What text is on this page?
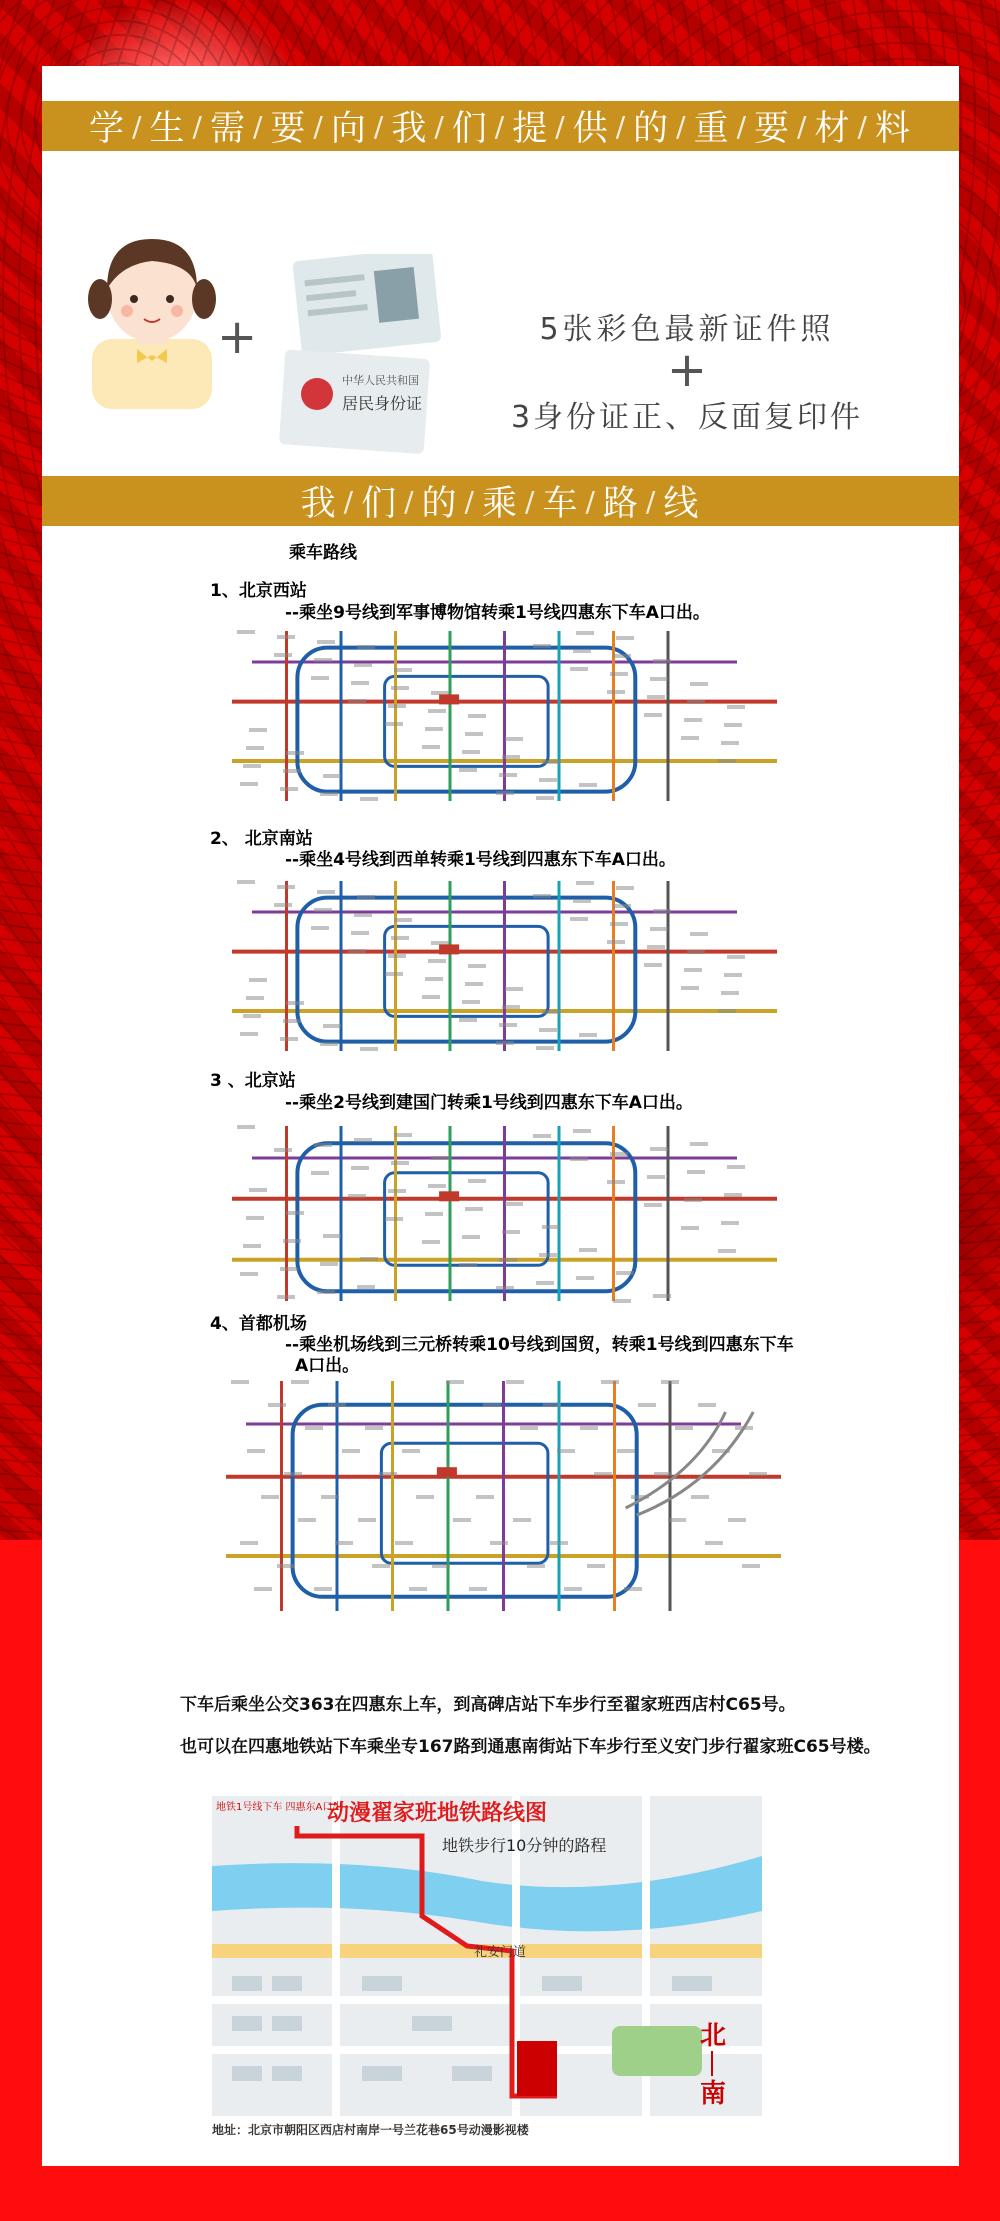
学 / 生 / 需 / 要 / 向 / 我 / 们 / 提 / 供 / 的 / 重 / 要 / 材 / 料
+
中华人民共和国
居民身份证
5张彩色最新证件照
+
3身份证正、反面复印件
我 / 们 / 的 / 乘 / 车 / 路 / 线
乘车路线
1、北京西站
--乘坐9号线到军事博物馆转乘1号线四惠东下车A口出。
2、 北京南站
--乘坐4号线到西单转乘1号线到四惠东下车A口出。
3 、北京站
--乘坐2号线到建国门转乘1号线到四惠东下车A口出。
4、首都机场
--乘坐机场线到三元桥转乘10号线到国贸，转乘1号线到四惠东下车
A口出。
下车后乘坐公交363在四惠东上车，到高碑店站下车步行至翟家班西店村C65号。
也可以在四惠地铁站下车乘坐专167路到通惠南街站下车步行至义安门步行翟家班C65号楼。
动漫翟家班地铁路线图
地铁步行10分钟的路程
地铁1号线下车 四惠东A口出
礼安门道
北
南
地址：北京市朝阳区西店村南岸一号兰花巷65号动漫影视楼
